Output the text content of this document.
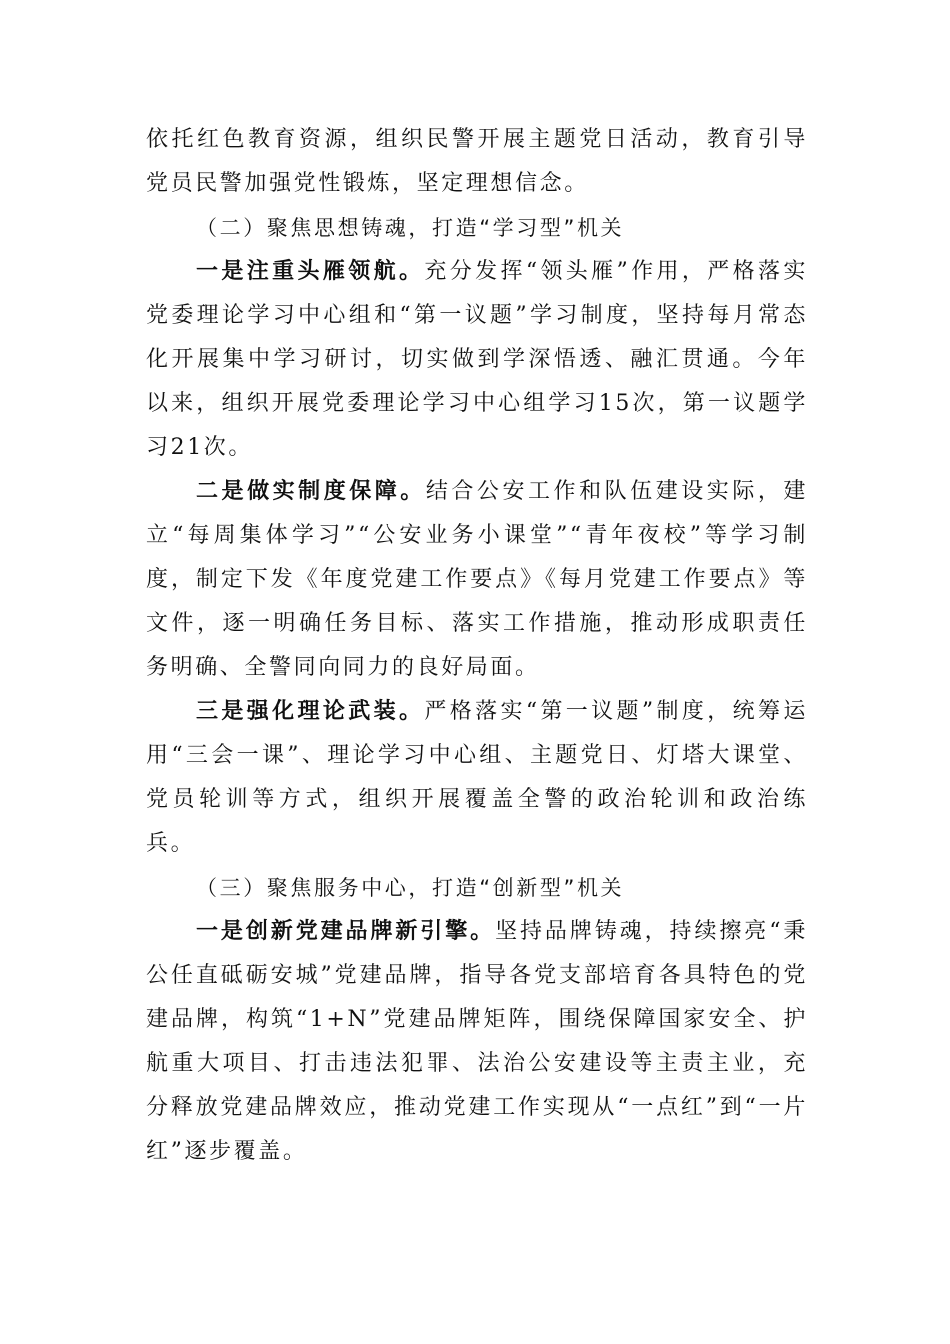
依托红色教育资源，组织民警开展主题党日活动，教育引导党员民警加强党性锻炼，坚定理想信念。

（二）聚焦思想铸魂，打造“学习型”机关

一是注重头雁领航。充分发挥“领头雁”作用，严格落实党委理论学习中心组和“第一议题”学习制度，坚持每月常态化开展集中学习研讨，切实做到学深悟透、融汇贯通。今年以来，组织开展党委理论学习中心组学习15次，第一议题学习21次。

二是做实制度保障。结合公安工作和队伍建设实际，建立“每周集体学习”“公安业务小课堂”“青年夜校”等学习制度，制定下发《年度党建工作要点》《每月党建工作要点》等文件，逐一明确任务目标、落实工作措施，推动形成职责任务明确、全警同向同力的良好局面。

三是强化理论武装。严格落实“第一议题”制度，统筹运用“三会一课”、理论学习中心组、主题党日、灯塔大课堂、党员轮训等方式，组织开展覆盖全警的政治轮训和政治练兵。

（三）聚焦服务中心，打造“创新型”机关

一是创新党建品牌新引擎。坚持品牌铸魂，持续擦亮“秉公任直砥砺安城”党建品牌，指导各党支部培育各具特色的党建品牌，构筑“1+N”党建品牌矩阵，围绕保障国家安全、护航重大项目、打击违法犯罪、法治公安建设等主责主业，充分释放党建品牌效应，推动党建工作实现从“一点红”到“一片红”逐步覆盖。
